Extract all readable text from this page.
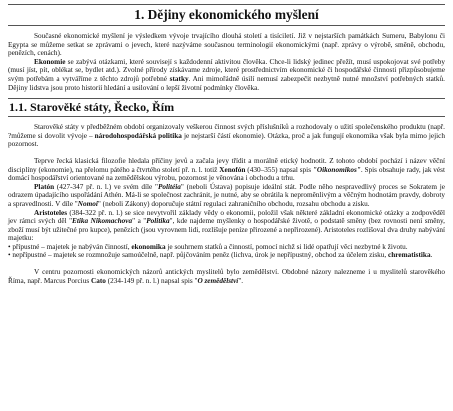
1. Dějiny ekonomického myšlení

Současné ekonomické myšlení je výsledkem vývoje trvajícího dlouhá století a tisíciletí. Již v nejstarších památkách Sumeru, Babylonu či Egypta se můžeme setkat se zprávami o jevech, které nazýváme současnou terminologií ekonomickými (např. zprávy o výrobě, směně, obchodu, penězích, cenách).

Ekonomie se zabývá otázkami, které souvisejí s každodenní aktivitou člověka. Chce-li lidský jedinec přežít, musí uspokojovat své potřeby (musí jíst, pít, oblékat se, bydlet atd.). Zvolné přírody získávame zdroje, které prostřednictvím ekonomické či hospodářské činnosti přizpůsobujeme svým potřebám a vytváříme z těchto zdrojů potřebné statky. Ani mimořádně úsilí nemusí zabezpečit nezbytně nutné množství potřebných statků. Dějiny lidstva jsou proto historií hledání a usilování o lepší životní podmínky člověka.

1.1. Starověké státy, Řecko, Řím

Starověké státy v předběžném období organizovaly veškerou činnost svých příslušníků a rozhodovaly o užití společenského produktu (např. ?můžeme si dovolit vývoje – národohospodářská politika je nejstarší částí ekonomie). Otázka, proč a jak fungují ekonomika však byla mimo jejich pozornost.

Teprve řecká klasická filozofie hledala příčiny jevů a začala jevy třídit a morálně etický hodnotit. Z tohoto období pochází i název věční disciplíny (ekonomie), na přelomu pátého a čtvrtého století př. n. l. totiž Xenofón (430–355) napsal spis "Oikonomikos". Spis obsahuje rady, jak vést domácí hospodářství orientované na zemědělskou výrobu, pozornost je věnována i obchodu a trhu.

Platón (427-347 př. n. l.) ve svém díle "Politéia" (neboli Ústava) popisuje ideální stát. Podle něho nespravedlivý proces se Sokratem je odrazem úpadajícího uspořádání Athén. Má-li se společnost zachránit, je nutné, aby se obrátila k neproměnlivým a věčným hodnotám pravdy, dobroty a spravedlnosti. V díle "Nomoi" (neboli Zákony) doporučuje státní regulaci zahraničního obchodu, rozsahu obchodu a zisku.

Aristoteles (384-322 př. n. l.) se sice nevytvořil základy vědy o ekonomii, položil však některé základní ekonomické otázky a zodpověděl jev rámci svých děl "Etika Nikomachova" a "Politika", kde najdeme myšlenky o hospodářské životě, o podstatě směny (bez rovnosti není směny, zboží musí být užitečné pro kupce), penězích (jsou vyrovnem lidi, rozlišuje peníze přirozené a nepřirozené). Aristoteles rozlišoval dva druhy nabývání majetku:

• přípustné – majetek je nabýván činností, ekonomika je souhrnem statků a činností, pomocí nichž si lidé opatřují věci nezbytné k životu.

• nepřípustné – majetek se rozmnožuje samoúčelně, např. půjčováním peněz (lichva, úrok je nepřípustný, obchod za účelem zisku, chrematistika.

V centru pozornosti ekonomických názorů antických myslitelů bylo zemědělství. Obdobné názory nalezneme i u myslitelů starověkého Říma, např. Marcus Porcius Cato (234-149 př. n. l.) napsal spis "O zemědělství".
